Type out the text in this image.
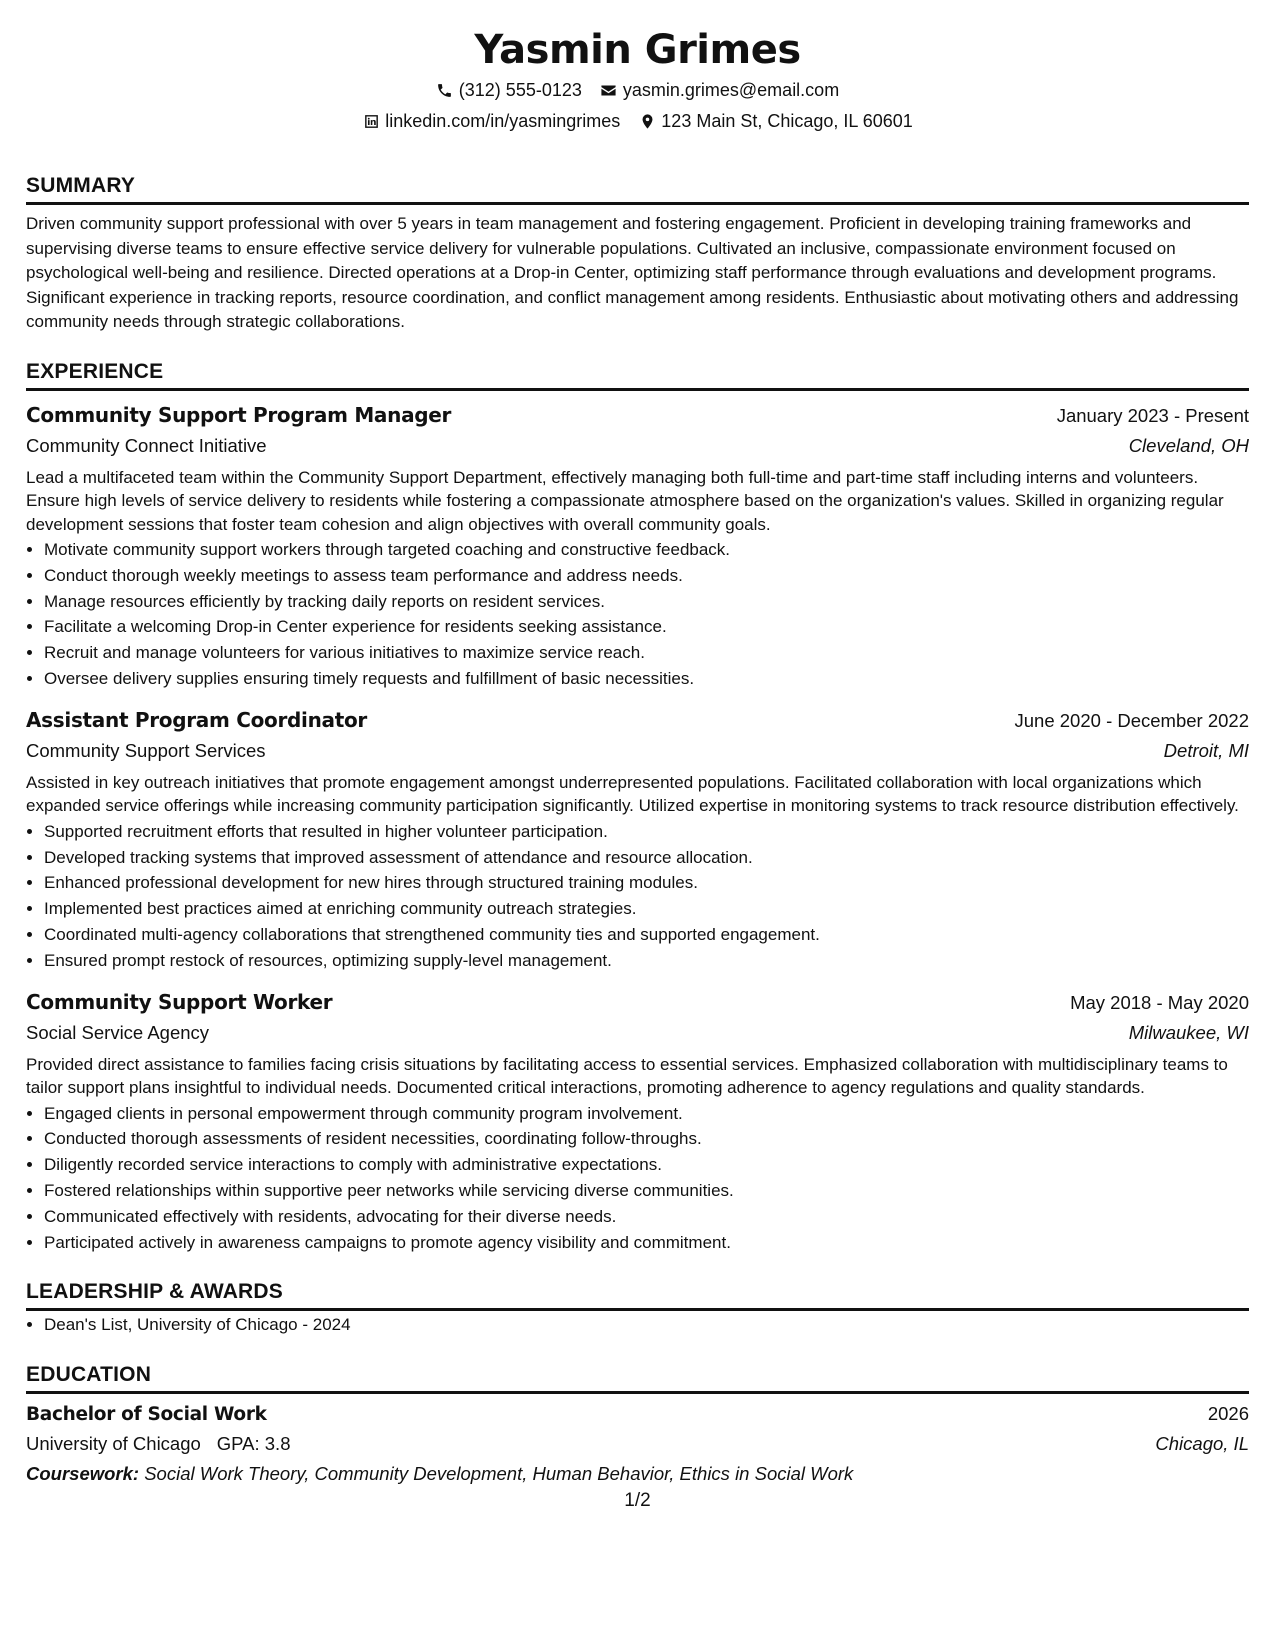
Yasmin Grimes
(312) 555-0123 yasmin.grimes@email.com
linkedin.com/in/yasmingrimes 123 Main St, Chicago, IL 60601
SUMMARY

Driven community support professional with over 5 years in team management and fostering engagement. Proficient in developing training frameworks and supervising diverse teams to ensure effective service delivery for vulnerable populations. Cultivated an inclusive, compassionate environment focused on psychological well-being and resilience. Directed operations at a Drop-in Center, optimizing staff performance through evaluations and development programs. Significant experience in tracking reports, resource coordination, and conflict management among residents. Enthusiastic about motivating others and addressing community needs through strategic collaborations.

EXPERIENCE
Community Support Program Manager	January 2023 - Present
Community Connect Initiative	Cleveland, OH
Lead a multifaceted team within the Community Support Department, effectively managing both full-time and part-time staff including interns and volunteers. Ensure high levels of service delivery to residents while fostering a compassionate atmosphere based on the organization's values. Skilled in organizing regular development sessions that foster team cohesion and align objectives with overall community goals.
• Motivate community support workers through targeted coaching and constructive feedback.
• Conduct thorough weekly meetings to assess team performance and address needs.
• Manage resources efficiently by tracking daily reports on resident services.
• Facilitate a welcoming Drop-in Center experience for residents seeking assistance.
• Recruit and manage volunteers for various initiatives to maximize service reach.
• Oversee delivery supplies ensuring timely requests and fulfillment of basic necessities.
Assistant Program Coordinator	June 2020 - December 2022
Community Support Services	Detroit, MI
Assisted in key outreach initiatives that promote engagement amongst underrepresented populations. Facilitated collaboration with local organizations which expanded service offerings while increasing community participation significantly. Utilized expertise in monitoring systems to track resource distribution effectively.
• Supported recruitment efforts that resulted in higher volunteer participation.
• Developed tracking systems that improved assessment of attendance and resource allocation.
• Enhanced professional development for new hires through structured training modules.
• Implemented best practices aimed at enriching community outreach strategies.
• Coordinated multi-agency collaborations that strengthened community ties and supported engagement.
• Ensured prompt restock of resources, optimizing supply-level management.
Community Support Worker	May 2018 - May 2020
Social Service Agency	Milwaukee, WI
Provided direct assistance to families facing crisis situations by facilitating access to essential services. Emphasized collaboration with multidisciplinary teams to tailor support plans insightful to individual needs. Documented critical interactions, promoting adherence to agency regulations and quality standards.
• Engaged clients in personal empowerment through community program involvement.
• Conducted thorough assessments of resident necessities, coordinating follow-throughs.
• Diligently recorded service interactions to comply with administrative expectations.
• Fostered relationships within supportive peer networks while servicing diverse communities.
• Communicated effectively with residents, advocating for their diverse needs.
• Participated actively in awareness campaigns to promote agency visibility and commitment.
LEADERSHIP & AWARDS
• Dean's List, University of Chicago - 2024
EDUCATION
Bachelor of Social Work	2026
University of Chicago GPA: 3.8	Chicago, IL
Coursework: Social Work Theory, Community Development, Human Behavior, Ethics in Social Work
1/2
